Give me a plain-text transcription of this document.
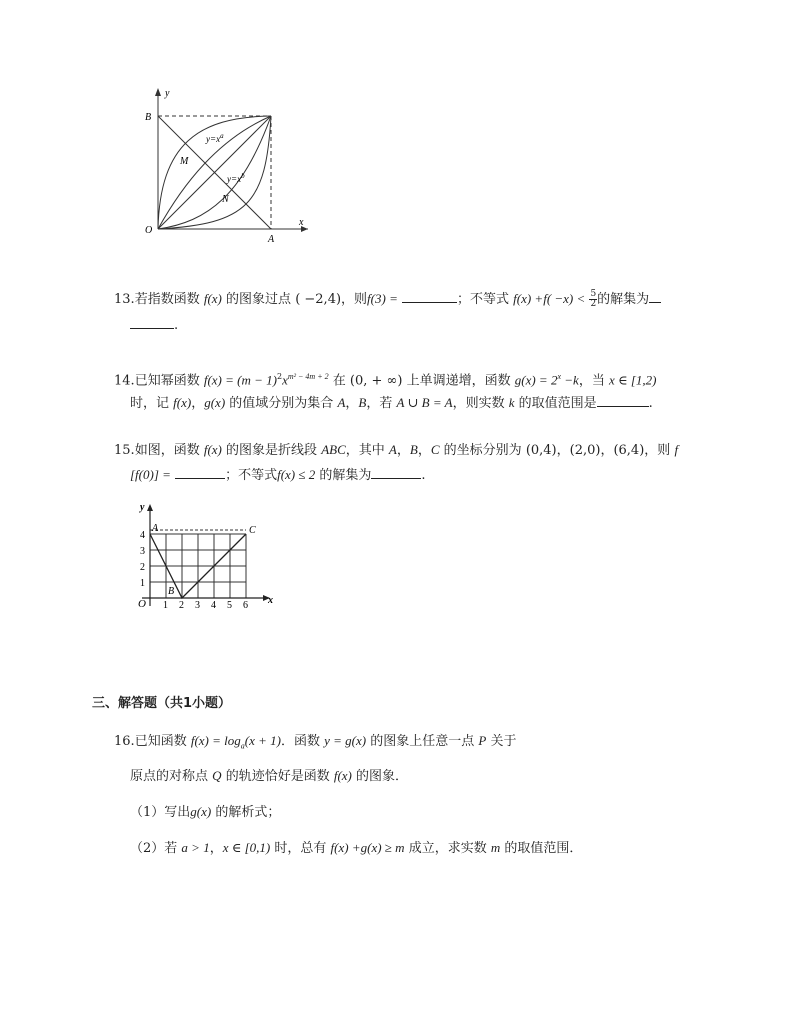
y
x
B
O
A
M
N
$y=x^a$
$y=x^b$
13.若指数函数 f(x) 的图象过点 ( −2,4)，则f(3) =	；不等式 $f(x) +f( -x) < \frac{5}{2}$ 的解集为
.
14.已知幂函数 $f(x) = (m - 1)^2x^{m^2 - 4m + 2}$ 在 (0, + ∞) 上单调递增，函数 $g(x) = 2^x -k$，当 x ∈ [1,2)
时，记 f(x)，g(x) 的值域分别为集合 A，B，若 A ∪ B = A，则实数 k 的取值范围是	.
15.如图，函数 f(x) 的图象是折线段 ABC，其中 A，B，C 的坐标分别为 (0,4)，(2,0)，(6,4)，则 f
[f(0)] =	；不等式f(x) ≤ 2 的解集为	.
y
x
O
A
B
C
1
2
3
4
1 2 3 4 5 6
三、解答题（共1小题）
16.已知函数 $f(x) = \log_a(x + 1)$．函数 y = g(x) 的图象上任意一点 P 关于
原点的对称点 Q 的轨迹恰好是函数 f(x) 的图象．
（1）写出g(x) 的解析式；
（2）若 a > 1，x ∈ [0,1) 时，总有 f(x) +g(x) ≥ m 成立，求实数 m 的取值范围．
